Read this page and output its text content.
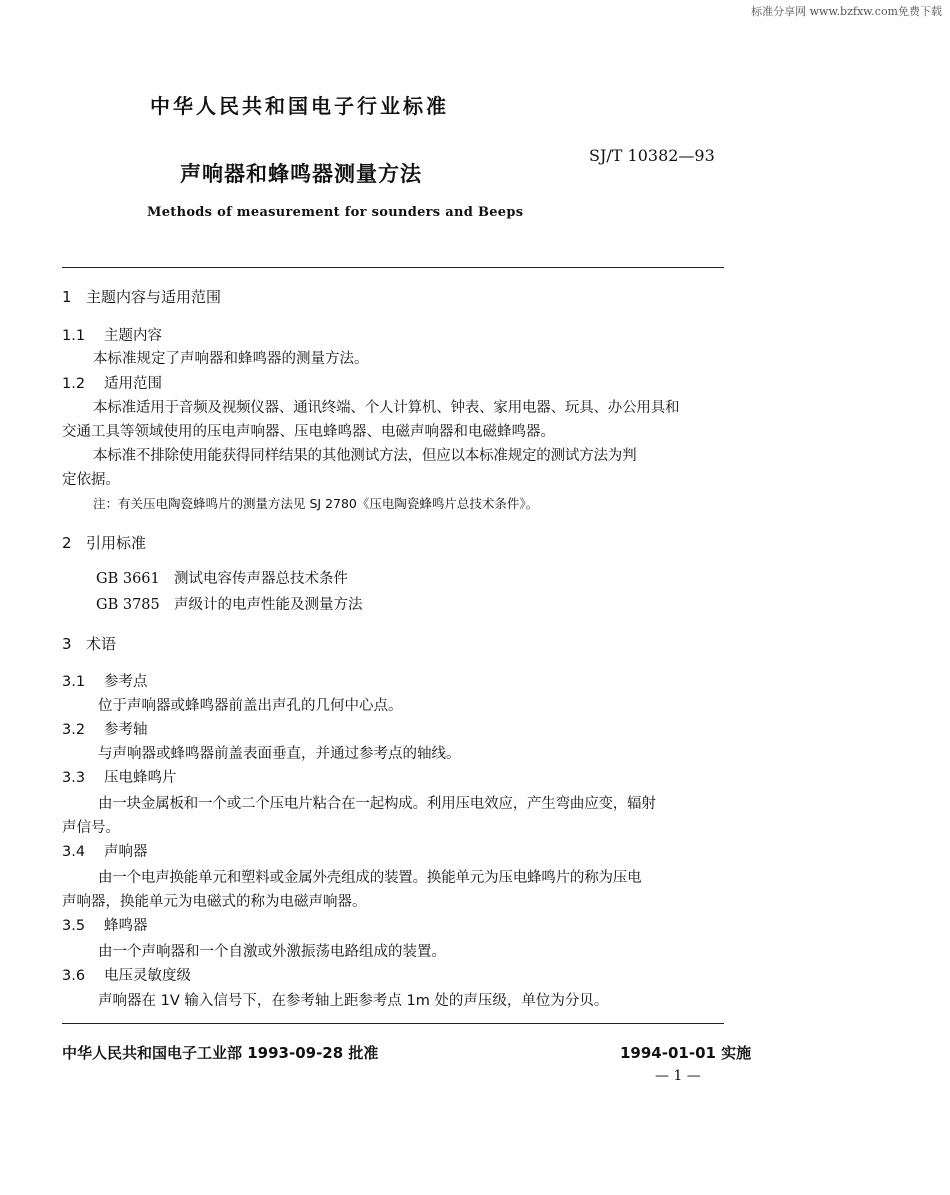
标准分享网 www.bzfxw.com免费下载
中华人民共和国电子行业标准
SJ/T 10382—93
声响器和蜂鸣器测量方法
Methods of measurement for sounders and Beeps
1 主题内容与适用范围
1.1 主题内容
本标准规定了声响器和蜂鸣器的测量方法。
1.2 适用范围
本标准适用于音频及视频仪器、通讯终端、个人计算机、钟表、家用电器、玩具、办公用具和
交通工具等领域使用的压电声响器、压电蜂鸣器、电磁声响器和电磁蜂鸣器。
本标准不排除使用能获得同样结果的其他测试方法，但应以本标准规定的测试方法为判
定依据。
注：有关压电陶瓷蜂鸣片的测量方法见 SJ 2780《压电陶瓷蜂鸣片总技术条件》。
2 引用标准
GB 3661 测试电容传声器总技术条件
GB 3785 声级计的电声性能及测量方法
3 术语
3.1 参考点
位于声响器或蜂鸣器前盖出声孔的几何中心点。
3.2 参考轴
与声响器或蜂鸣器前盖表面垂直，并通过参考点的轴线。
3.3 压电蜂鸣片
由一块金属板和一个或二个压电片粘合在一起构成。利用压电效应，产生弯曲应变，辐射
声信号。
3.4 声响器
由一个电声换能单元和塑料或金属外壳组成的装置。换能单元为压电蜂鸣片的称为压电
声响器，换能单元为电磁式的称为电磁声响器。
3.5 蜂鸣器
由一个声响器和一个自激或外激振荡电路组成的装置。
3.6 电压灵敏度级
声响器在 1V 输入信号下，在参考轴上距参考点 1m 处的声压级，单位为分贝。
中华人民共和国电子工业部 1993-09-28 批准	1994-01-01 实施
— 1 —
